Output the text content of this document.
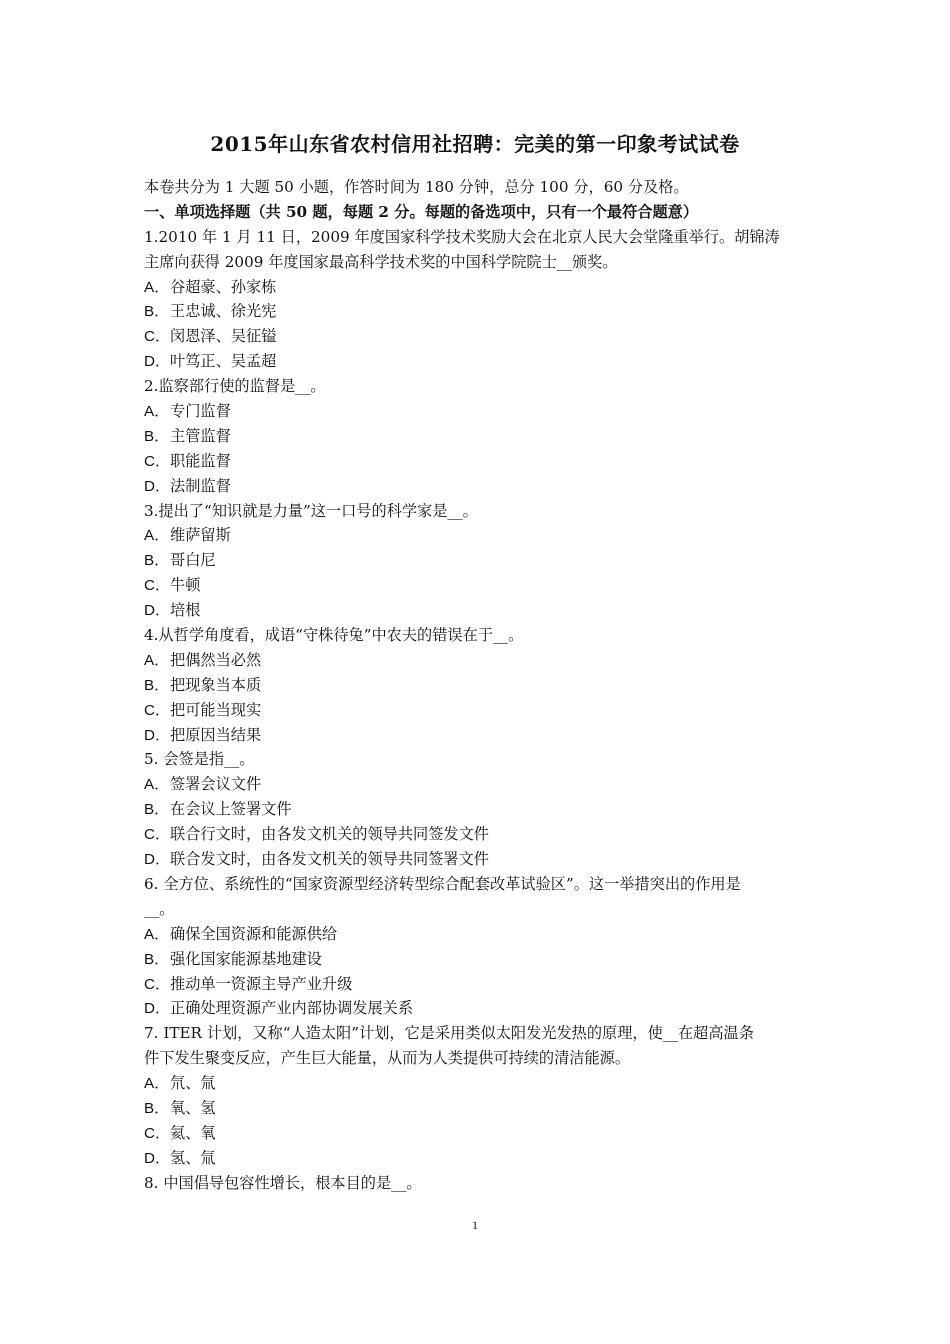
2015年山东省农村信用社招聘：完美的第一印象考试试卷
本卷共分为 1 大题 50 小题，作答时间为 180 分钟，总分 100 分，60 分及格。
一、单项选择题（共 50 题，每题 2 分。每题的备选项中，只有一个最符合题意）
1.2010 年 1 月 11 日，2009 年度国家科学技术奖励大会在北京人民大会堂隆重举行。胡锦涛
主席向获得 2009 年度国家最高科学技术奖的中国科学院院士__颁奖。
A．谷超豪、孙家栋
B．王忠诚、徐光宪
C．闵恩泽、吴征镒
D．叶笃正、吴孟超
2.监察部行使的监督是__。
A．专门监督
B．主管监督
C．职能监督
D．法制监督
3.提出了“知识就是力量”这一口号的科学家是__。
A．维萨留斯
B．哥白尼
C．牛顿
D．培根
4.从哲学角度看，成语“守株待兔”中农夫的错误在于__。
A．把偶然当必然
B．把现象当本质
C．把可能当现实
D．把原因当结果
5. 会签是指__。
A．签署会议文件
B．在会议上签署文件
C．联合行文时，由各发文机关的领导共同签发文件
D．联合发文时，由各发文机关的领导共同签署文件
6. 全方位、系统性的“国家资源型经济转型综合配套改革试验区”。这一举措突出的作用是
__。
A．确保全国资源和能源供给
B．强化国家能源基地建设
C．推动单一资源主导产业升级
D．正确处理资源产业内部协调发展关系
7. ITER 计划，又称“人造太阳”计划，它是采用类似太阳发光发热的原理，使__在超高温条
件下发生聚变反应，产生巨大能量，从而为人类提供可持续的清洁能源。
A．氘、氚
B．氧、氢
C．氦、氧
D．氢、氚
8. 中国倡导包容性增长，根本目的是__。
1
